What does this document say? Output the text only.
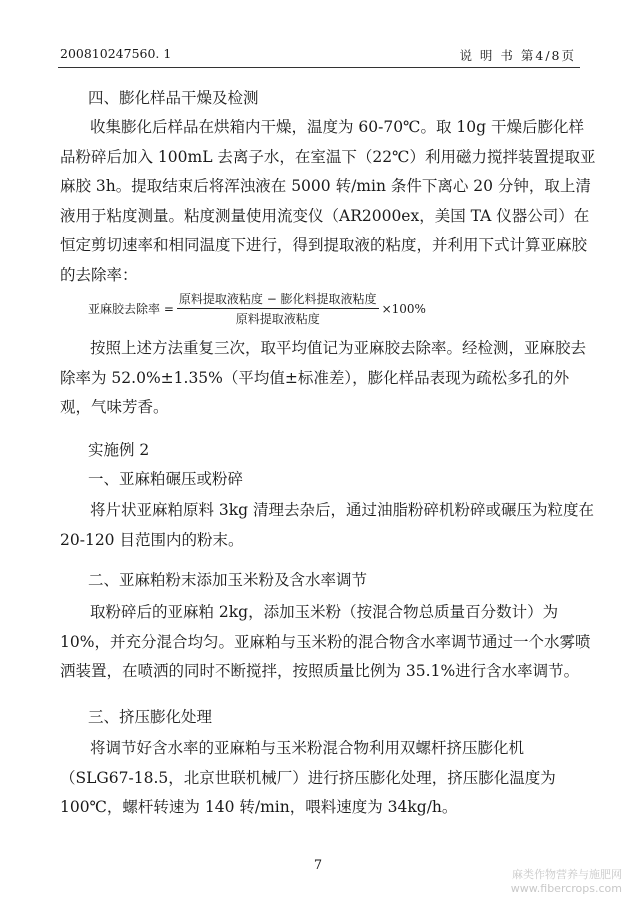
200810247560. 1	说 明 书 第4/8页
四、膨化样品干燥及检测
收集膨化后样品在烘箱内干燥，温度为 60-70℃。取 10g 干燥后膨化样品粉碎后加入 100mL 去离子水，在室温下（22℃）利用磁力搅拌装置提取亚麻胶 3h。提取结束后将浑浊液在 5000 转/min 条件下离心 20 分钟，取上清液用于粘度测量。粘度测量使用流变仪（AR2000ex，美国 TA 仪器公司）在恒定剪切速率和相同温度下进行，得到提取液的粘度，并利用下式计算亚麻胶的去除率：
亚麻胶去除率 = $\frac{\text{原料提取液粘度 − 膨化料提取液粘度}}{\text{原料提取液粘度}} \times 100\%$
按照上述方法重复三次，取平均值记为亚麻胶去除率。经检测，亚麻胶去除率为 52.0%±1.35%（平均值±标准差），膨化样品表现为疏松多孔的外观，气味芳香。
实施例 2
一、亚麻粕碾压或粉碎
将片状亚麻粕原料 3kg 清理去杂后，通过油脂粉碎机粉碎或碾压为粒度在 20-120 目范围内的粉末。
二、亚麻粕粉末添加玉米粉及含水率调节
取粉碎后的亚麻粕 2kg，添加玉米粉（按混合物总质量百分数计）为 10%，并充分混合均匀。亚麻粕与玉米粉的混合物含水率调节通过一个水雾喷洒装置，在喷洒的同时不断搅拌，按照质量比例为 35.1%进行含水率调节。
三、挤压膨化处理
将调节好含水率的亚麻粕与玉米粉混合物利用双螺杆挤压膨化机（SLG67-18.5，北京世联机械厂）进行挤压膨化处理，挤压膨化温度为 100℃，螺杆转速为 140 转/min，喂料速度为 34kg/h。
7
麻类作物营养与施肥网
www.fibercrops.com
